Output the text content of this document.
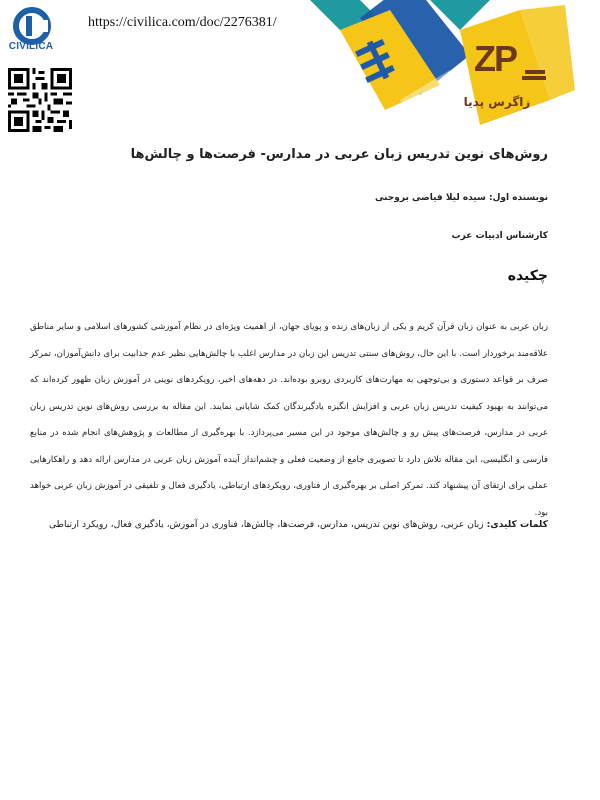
CIVILICA
https://civilica.com/doc/2276381/
ZP
زاگرس پدیا
روش‌های نوین تدریس زبان عربی در مدارس- فرصت‌ها و چالش‌ها
نویسنده اول: سیده لیلا فیاضی بروجنی
کارشناس ادبیات عرب
چکیده
زبان عربی به عنوان زبان قرآن کریم و یکی از زبان‌های زنده و پویای جهان، از اهمیت ویژه‌ای در نظام آموزشی کشورهای اسلامی و سایر مناطق علاقه‌مند برخوردار است. با این حال، روش‌های سنتی تدریس این زبان در مدارس اغلب با چالش‌هایی نظیر عدم جذابیت برای دانش‌آموزان، تمرکز صرف بر قواعد دستوری و بی‌توجهی به مهارت‌های کاربردی روبرو بوده‌اند. در دهه‌های اخیر، رویکردهای نوینی در آموزش زبان ظهور کرده‌اند که می‌توانند به بهبود کیفیت تدریس زبان عربی و افزایش انگیزه یادگیرندگان کمک شایانی نمایند. این مقاله به بررسی روش‌های نوین تدریس زبان عربی در مدارس، فرصت‌های پیش رو و چالش‌های موجود در این مسیر می‌پردازد. با بهره‌گیری از مطالعات و پژوهش‌های انجام شده در منابع فارسی و انگلیسی، این مقاله تلاش دارد تا تصویری جامع از وضعیت فعلی و چشم‌انداز آینده آموزش زبان عربی در مدارس ارائه دهد و راهکارهایی عملی برای ارتقای آن پیشنهاد کند. تمرکز اصلی بر بهره‌گیری از فناوری، رویکردهای ارتباطی، یادگیری فعال و تلفیقی در آموزش زبان عربی خواهد بود.
کلمات کلیدی: زبان عربی، روش‌های نوین تدریس، مدارس، فرصت‌ها، چالش‌ها، فناوری در آموزش، یادگیری فعال، رویکرد ارتباطی
